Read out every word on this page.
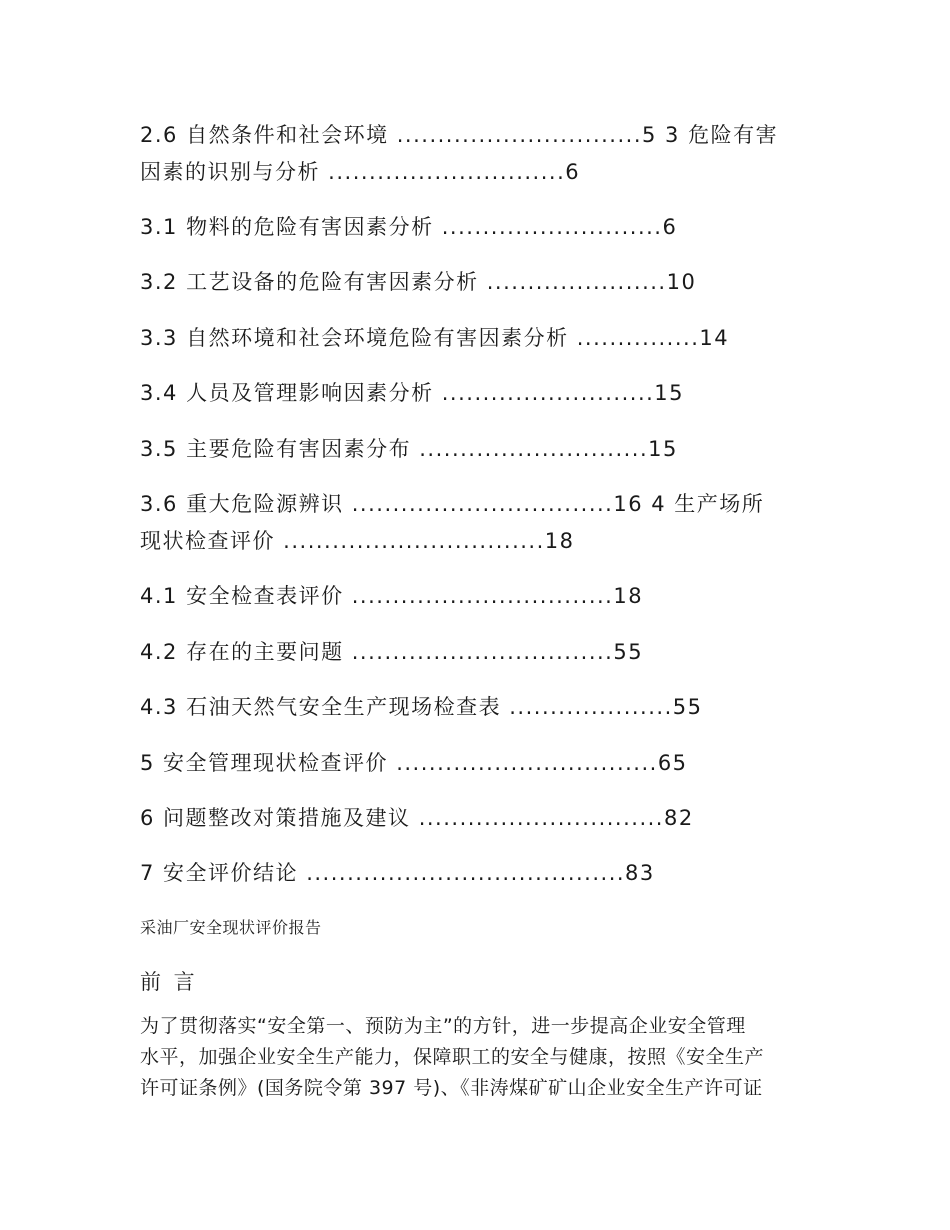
2.6 自然条件和社会环境 ..............................5 3 危险有害
因素的识别与分析 .............................6
3.1 物料的危险有害因素分析 ...........................6
3.2 工艺设备的危险有害因素分析 ......................10
3.3 自然环境和社会环境危险有害因素分析 ...............14
3.4 人员及管理影响因素分析 ..........................15
3.5 主要危险有害因素分布 ............................15
3.6 重大危险源辨识 ................................16 4 生产场所
现状检查评价 ................................18
4.1 安全检查表评价 ................................18
4.2 存在的主要问题 ................................55
4.3 石油天然气安全生产现场检查表 ....................55
5 安全管理现状检查评价 ................................65
6 问题整改对策措施及建议 ..............................82
7 安全评价结论 .......................................83
采油厂安全现状评价报告
前 言
为了贯彻落实“安全第一、预防为主”的方针，进一步提高企业安全管理
水平，加强企业安全生产能力，保障职工的安全与健康，按照《安全生产
许可证条例》(国务院令第 397 号)、《非涛煤矿矿山企业安全生产许可证
